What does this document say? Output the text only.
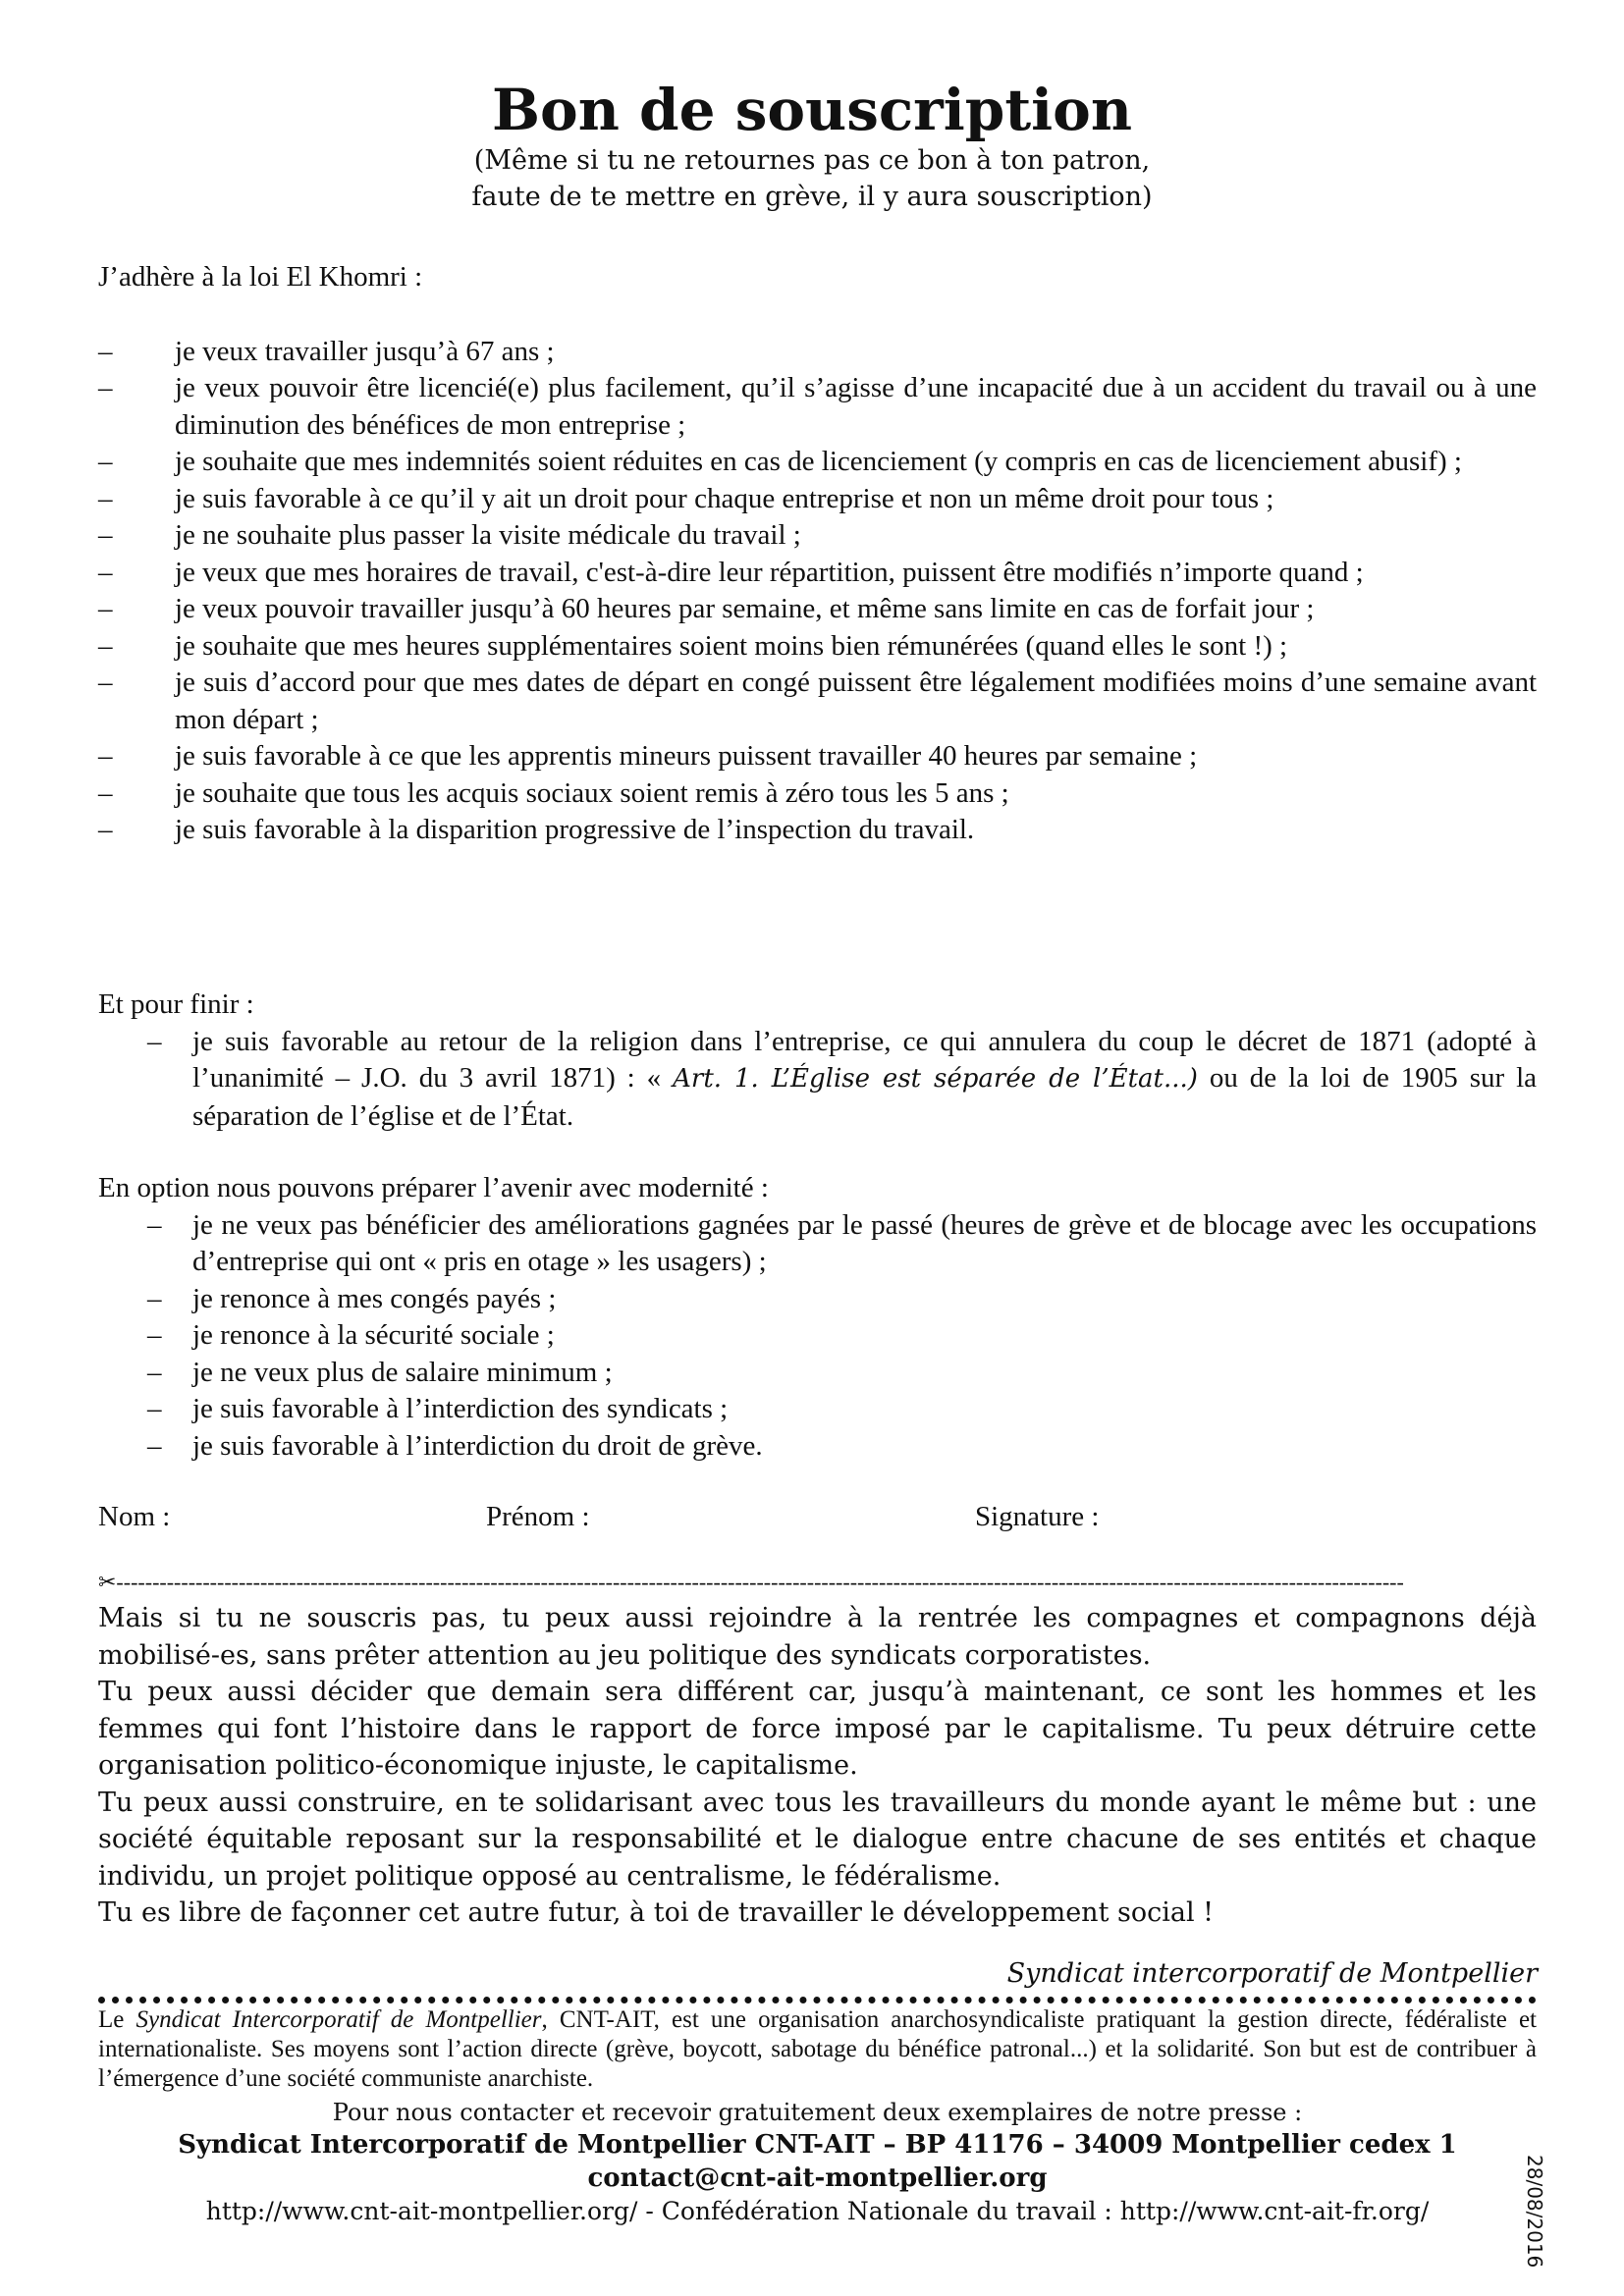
Bon de souscription
(Même si tu ne retournes pas ce bon à ton patron,
faute de te mettre en grève, il y aura souscription)

J’adhère à la loi El Khomri :

– je veux travailler jusqu’à 67 ans ;
– je veux pouvoir être licencié(e) plus facilement, qu’il s’agisse d’une incapacité due à un accident du travail ou à une diminution des bénéfices de mon entreprise ;
– je souhaite que mes indemnités soient réduites en cas de licenciement (y compris en cas de licenciement abusif) ;
– je suis favorable à ce qu’il y ait un droit pour chaque entreprise et non un même droit pour tous ;
– je ne souhaite plus passer la visite médicale du travail ;
– je veux que mes horaires de travail, c'est-à-dire leur répartition, puissent être modifiés n’importe quand ;
– je veux pouvoir travailler jusqu’à 60 heures par semaine, et même sans limite en cas de forfait jour ;
– je souhaite que mes heures supplémentaires soient moins bien rémunérées (quand elles le sont !) ;
– je suis d’accord pour que mes dates de départ en congé puissent être légalement modifiées moins d’une semaine avant mon départ ;
– je suis favorable à ce que les apprentis mineurs puissent travailler 40 heures par semaine ;
– je souhaite que tous les acquis sociaux soient remis à zéro tous les 5 ans ;
– je suis favorable à la disparition progressive de l’inspection du travail.

Et pour finir :

– je suis favorable au retour de la religion dans l’entreprise, ce qui annulera du coup le décret de 1871 (adopté à l’unanimité – J.O. du 3 avril 1871) : « Art. 1. L’Église est séparée de l’État...) ou de la loi de 1905 sur la séparation de l’église et de l’État.

En option nous pouvons préparer l’avenir avec modernité :

– je ne veux pas bénéficier des améliorations gagnées par le passé (heures de grève et de blocage avec les occupations d’entreprise qui ont « pris en otage » les usagers) ;
– je renonce à mes congés payés ;
– je renonce à la sécurité sociale ;
– je ne veux plus de salaire minimum ;
– je suis favorable à l’interdiction des syndicats ;
– je suis favorable à l’interdiction du droit de grève.
Nom :	Prénom :	Signature :
✂-----------------------------------------------------------------------------------------------------------------------------------------------------------------------------------

Mais si tu ne souscris pas, tu peux aussi rejoindre à la rentrée les compagnes et compagnons déjà mobilisé-es, sans prêter attention au jeu politique des syndicats corporatistes.

Tu peux aussi décider que demain sera différent car, jusqu’à maintenant, ce sont les hommes et les femmes qui font l’histoire dans le rapport de force imposé par le capitalisme. Tu peux détruire cette organisation politico-économique injuste, le capitalisme.

Tu peux aussi construire, en te solidarisant avec tous les travailleurs du monde ayant le même but : une société équitable reposant sur la responsabilité et le dialogue entre chacune de ses entités et chaque individu, un projet politique opposé au centralisme, le fédéralisme.

Tu es libre de façonner cet autre futur, à toi de travailler le développement social !

Syndicat intercorporatif de Montpellier

Le Syndicat Intercorporatif de Montpellier, CNT-AIT, est une organisation anarchosyndicaliste pratiquant la gestion directe, fédéraliste et internationaliste. Ses moyens sont l’action directe (grève, boycott, sabotage du bénéfice patronal...) et la solidarité. Son but est de contribuer à l’émergence d’une société communiste anarchiste.

Pour nous contacter et recevoir gratuitement deux exemplaires de notre presse :
Syndicat Intercorporatif de Montpellier CNT-AIT – BP 41176 – 34009 Montpellier cedex 1
contact@cnt-ait-montpellier.org
http://www.cnt-ait-montpellier.org/ - Confédération Nationale du travail : http://www.cnt-ait-fr.org/	28/08/2016
